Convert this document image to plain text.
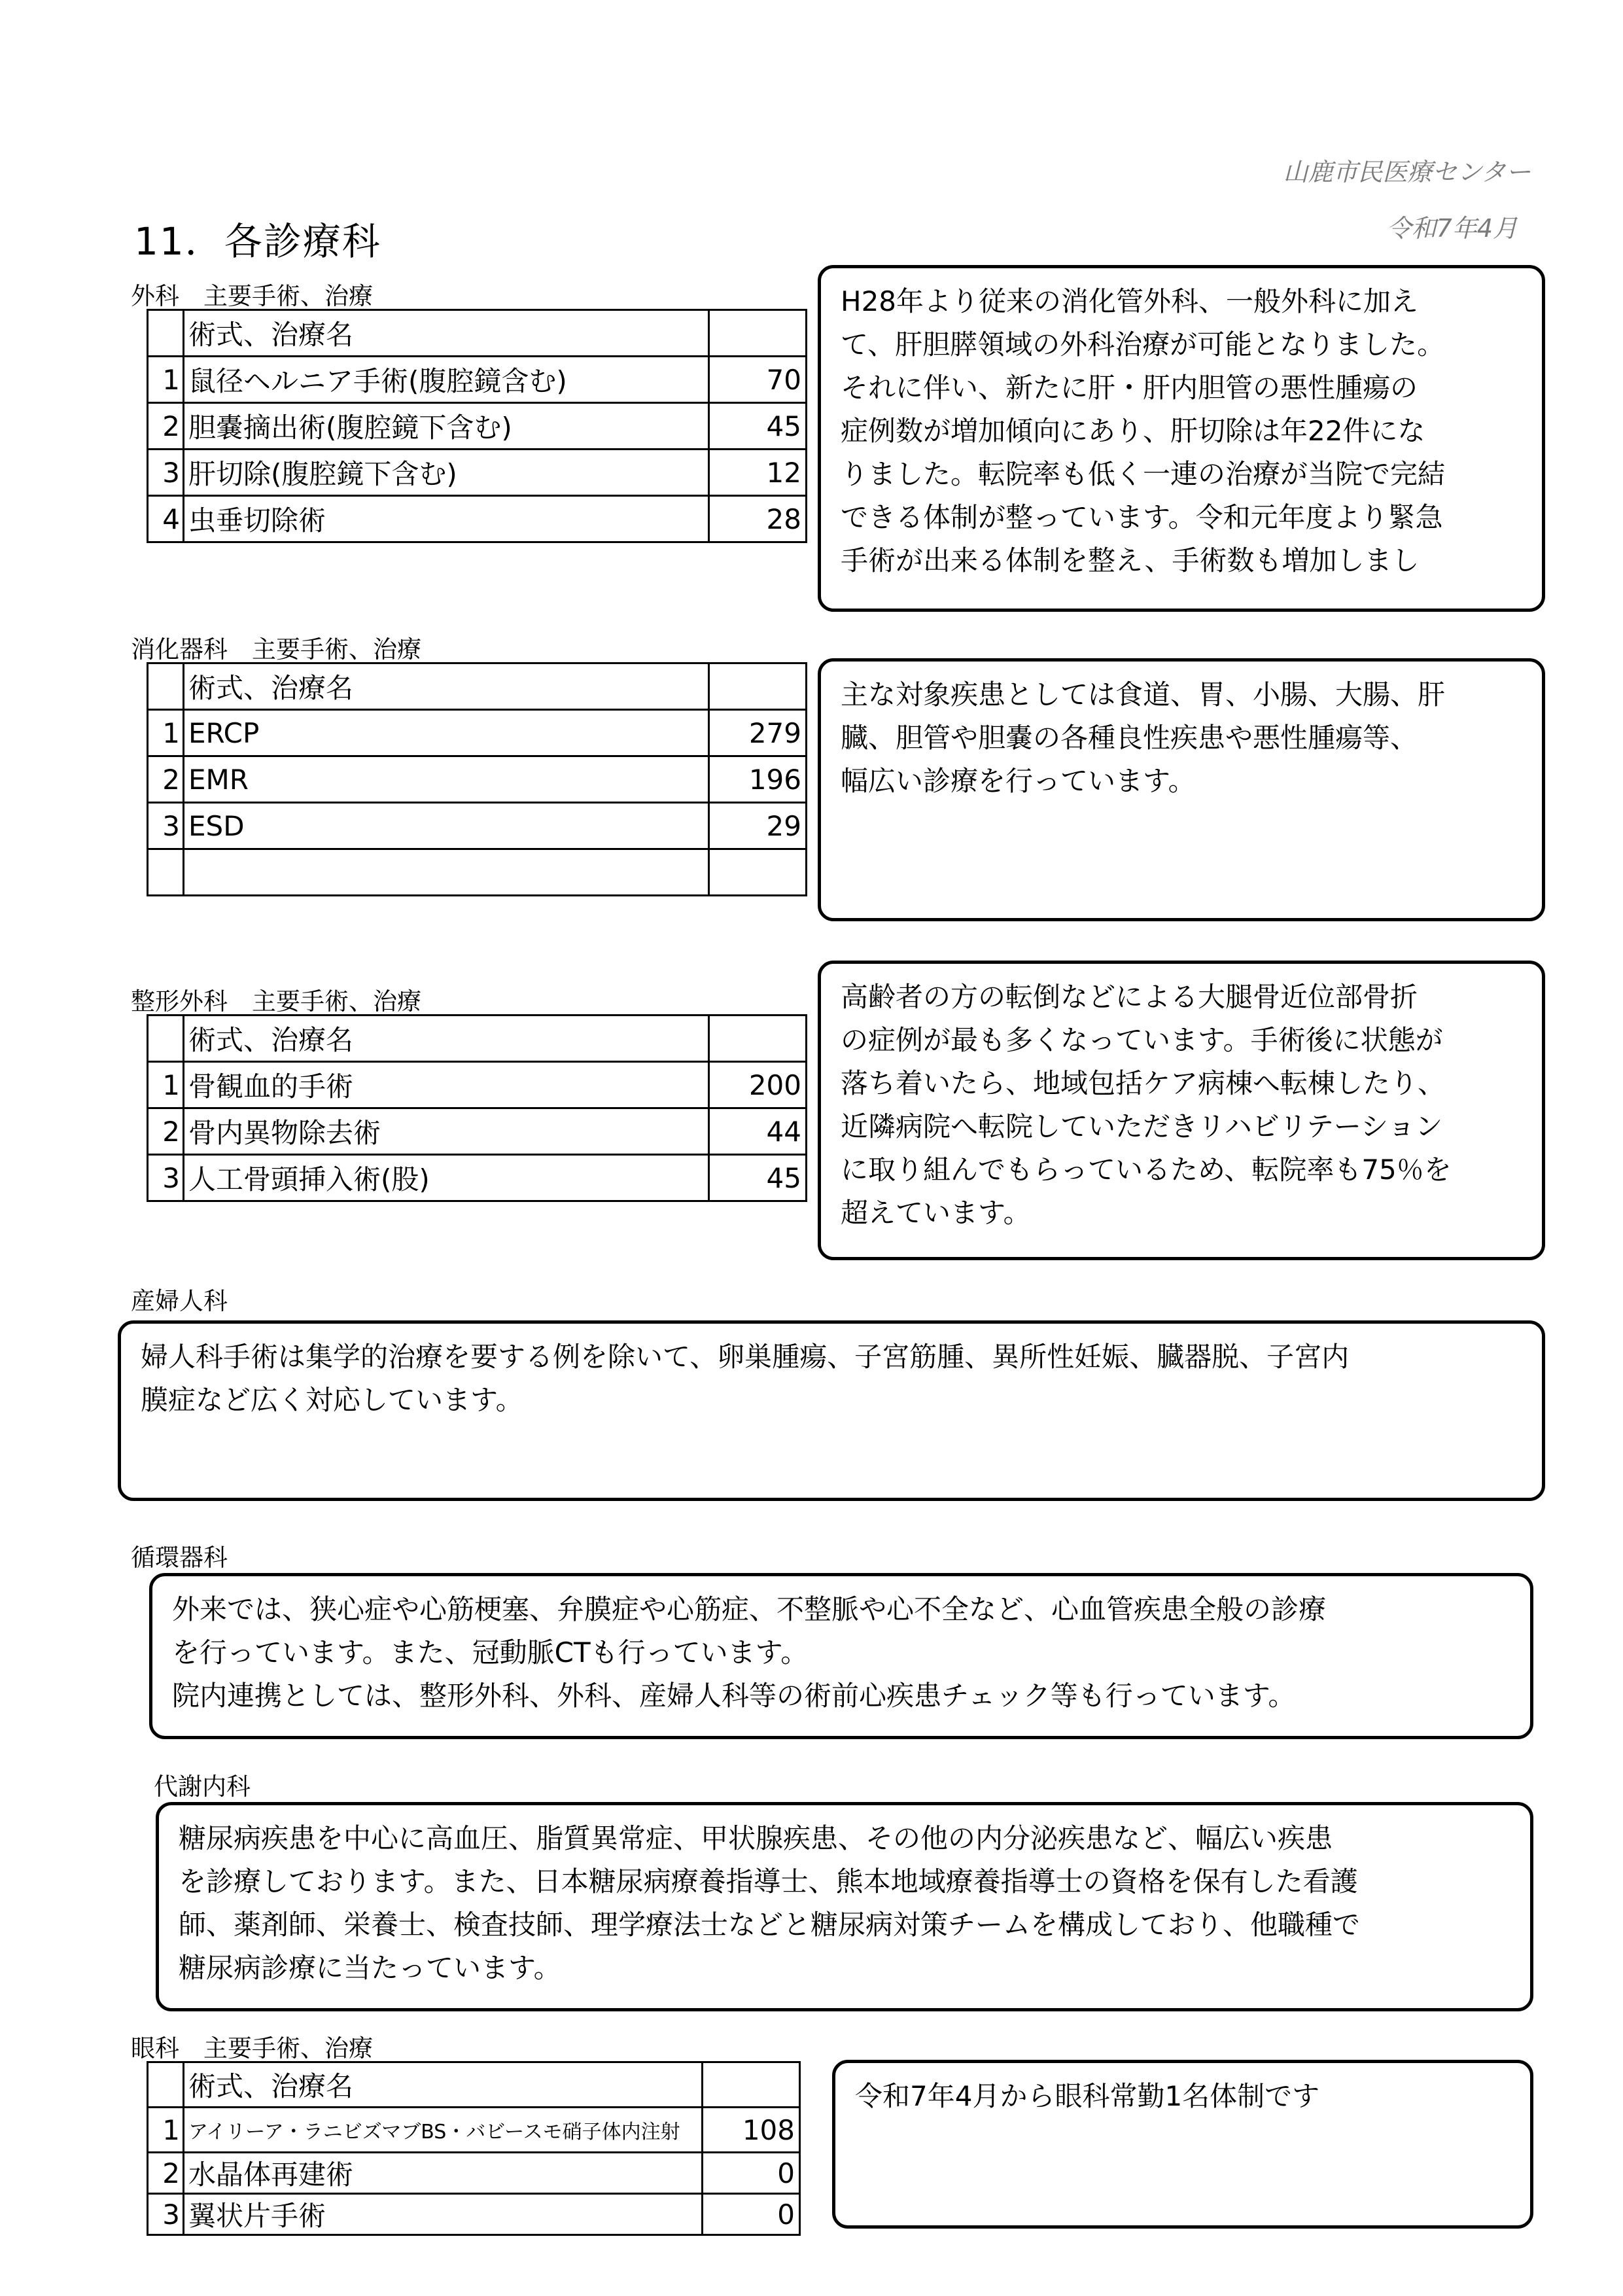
山鹿市民医療センター
令和7年4月
11．各診療科
外科　主要手術、治療
	術式、治療名	
1	鼠径ヘルニア手術(腹腔鏡含む)	70
2	胆嚢摘出術(腹腔鏡下含む)	45
3	肝切除(腹腔鏡下含む)	12
4	虫垂切除術	28
H28年より従来の消化管外科、一般外科に加え
て、肝胆膵領域の外科治療が可能となりました。
それに伴い、新たに肝・肝内胆管の悪性腫瘍の
症例数が増加傾向にあり、肝切除は年22件にな
りました。転院率も低く一連の治療が当院で完結
できる体制が整っています。令和元年度より緊急
手術が出来る体制を整え、手術数も増加しまし
消化器科　主要手術、治療
	術式、治療名	
1	ERCP	279
2	EMR	196
3	ESD	29

主な対象疾患としては食道、胃、小腸、大腸、肝
臓、胆管や胆嚢の各種良性疾患や悪性腫瘍等、
幅広い診療を行っています。
整形外科　主要手術、治療
	術式、治療名	
1	骨観血的手術	200
2	骨内異物除去術	44
3	人工骨頭挿入術(股)	45
高齢者の方の転倒などによる大腿骨近位部骨折
の症例が最も多くなっています。手術後に状態が
落ち着いたら、地域包括ケア病棟へ転棟したり、
近隣病院へ転院していただきリハビリテーション
に取り組んでもらっているため、転院率も75％を
超えています。
産婦人科
婦人科手術は集学的治療を要する例を除いて、卵巣腫瘍、子宮筋腫、異所性妊娠、臓器脱、子宮内
膜症など広く対応しています。
循環器科
外来では、狭心症や心筋梗塞、弁膜症や心筋症、不整脈や心不全など、心血管疾患全般の診療
を行っています。また、冠動脈CTも行っています。
院内連携としては、整形外科、外科、産婦人科等の術前心疾患チェック等も行っています。
代謝内科
糖尿病疾患を中心に高血圧、脂質異常症、甲状腺疾患、その他の内分泌疾患など、幅広い疾患
を診療しております。また、日本糖尿病療養指導士、熊本地域療養指導士の資格を保有した看護
師、薬剤師、栄養士、検査技師、理学療法士などと糖尿病対策チームを構成しており、他職種で
糖尿病診療に当たっています。
眼科　主要手術、治療
	術式、治療名	
1	アイリーア・ラニビズマブBS・バビースモ硝子体内注射	108
2	水晶体再建術	0
3	翼状片手術	0
令和7年4月から眼科常勤1名体制です
